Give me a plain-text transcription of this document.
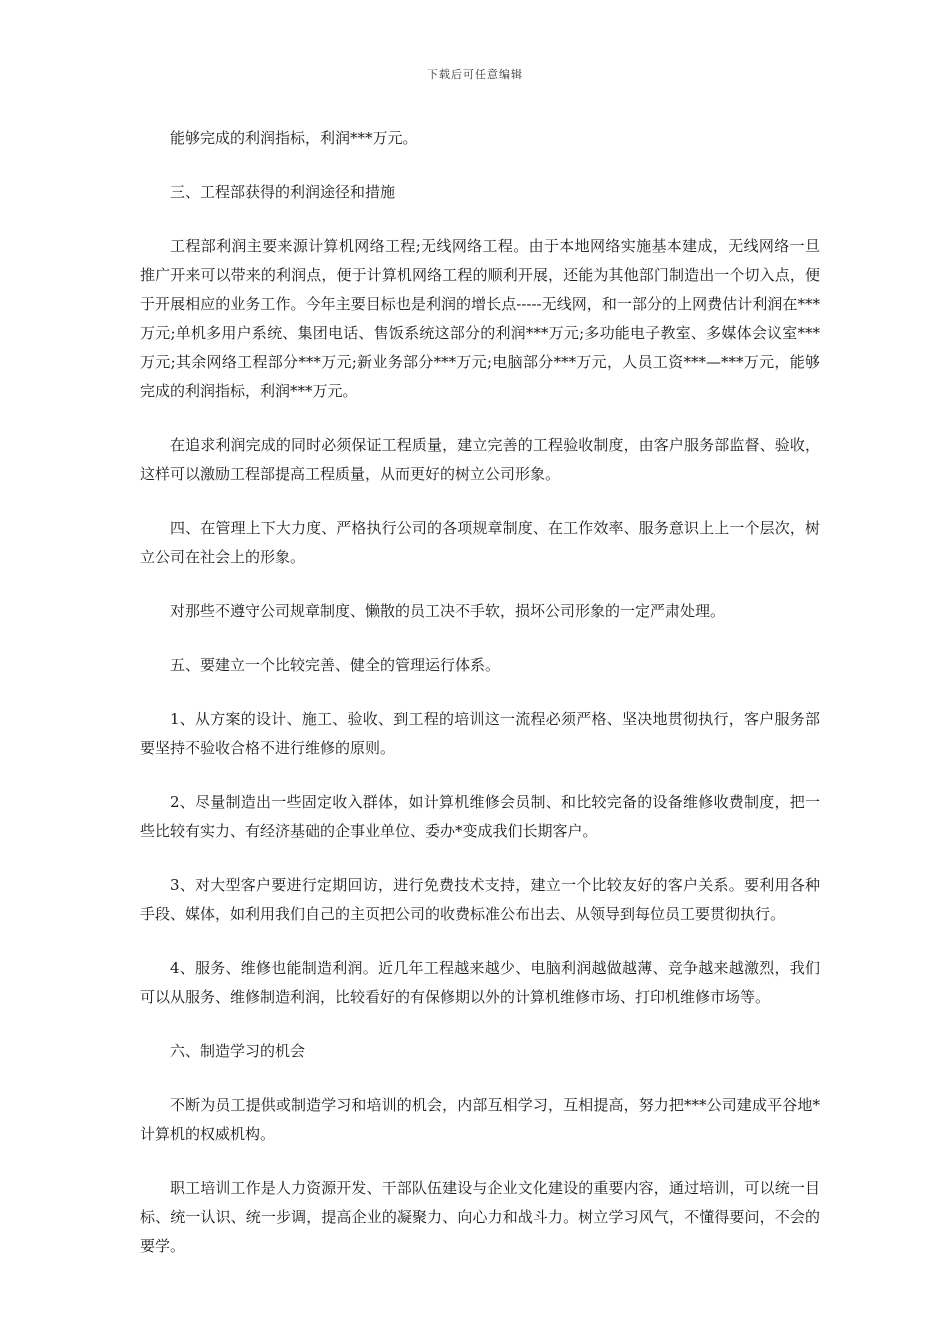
下载后可任意编辑

能够完成的利润指标，利润***万元。

三、工程部获得的利润途径和措施

工程部利润主要来源计算机网络工程;无线网络工程。由于本地网络实施基本建成，无线网络一旦推广开来可以带来的利润点，便于计算机网络工程的顺利开展，还能为其他部门制造出一个切入点，便于开展相应的业务工作。今年主要目标也是利润的增长点-----无线网，和一部分的上网费估计利润在***万元;单机多用户系统、集团电话、售饭系统这部分的利润***万元;多功能电子教室、多媒体会议室***万元;其余网络工程部分***万元;新业务部分***万元;电脑部分***万元，人员工资***—***万元，能够完成的利润指标，利润***万元。

在追求利润完成的同时必须保证工程质量，建立完善的工程验收制度，由客户服务部监督、验收，这样可以激励工程部提高工程质量，从而更好的树立公司形象。

四、在管理上下大力度、严格执行公司的各项规章制度、在工作效率、服务意识上上一个层次，树立公司在社会上的形象。

对那些不遵守公司规章制度、懒散的员工决不手软，损坏公司形象的一定严肃处理。

五、要建立一个比较完善、健全的管理运行体系。

1、从方案的设计、施工、验收、到工程的培训这一流程必须严格、坚决地贯彻执行，客户服务部要坚持不验收合格不进行维修的原则。

2、尽量制造出一些固定收入群体，如计算机维修会员制、和比较完备的设备维修收费制度，把一些比较有实力、有经济基础的企事业单位、委办*变成我们长期客户。

3、对大型客户要进行定期回访，进行免费技术支持，建立一个比较友好的客户关系。要利用各种手段、媒体，如利用我们自己的主页把公司的收费标准公布出去、从领导到每位员工要贯彻执行。

4、服务、维修也能制造利润。近几年工程越来越少、电脑利润越做越薄、竞争越来越激烈，我们可以从服务、维修制造利润，比较看好的有保修期以外的计算机维修市场、打印机维修市场等。

六、制造学习的机会

不断为员工提供或制造学习和培训的机会，内部互相学习，互相提高，努力把***公司建成平谷地*计算机的权威机构。

职工培训工作是人力资源开发、干部队伍建设与企业文化建设的重要内容，通过培训，可以统一目标、统一认识、统一步调，提高企业的凝聚力、向心力和战斗力。树立学习风气，不懂得要问，不会的要学。
